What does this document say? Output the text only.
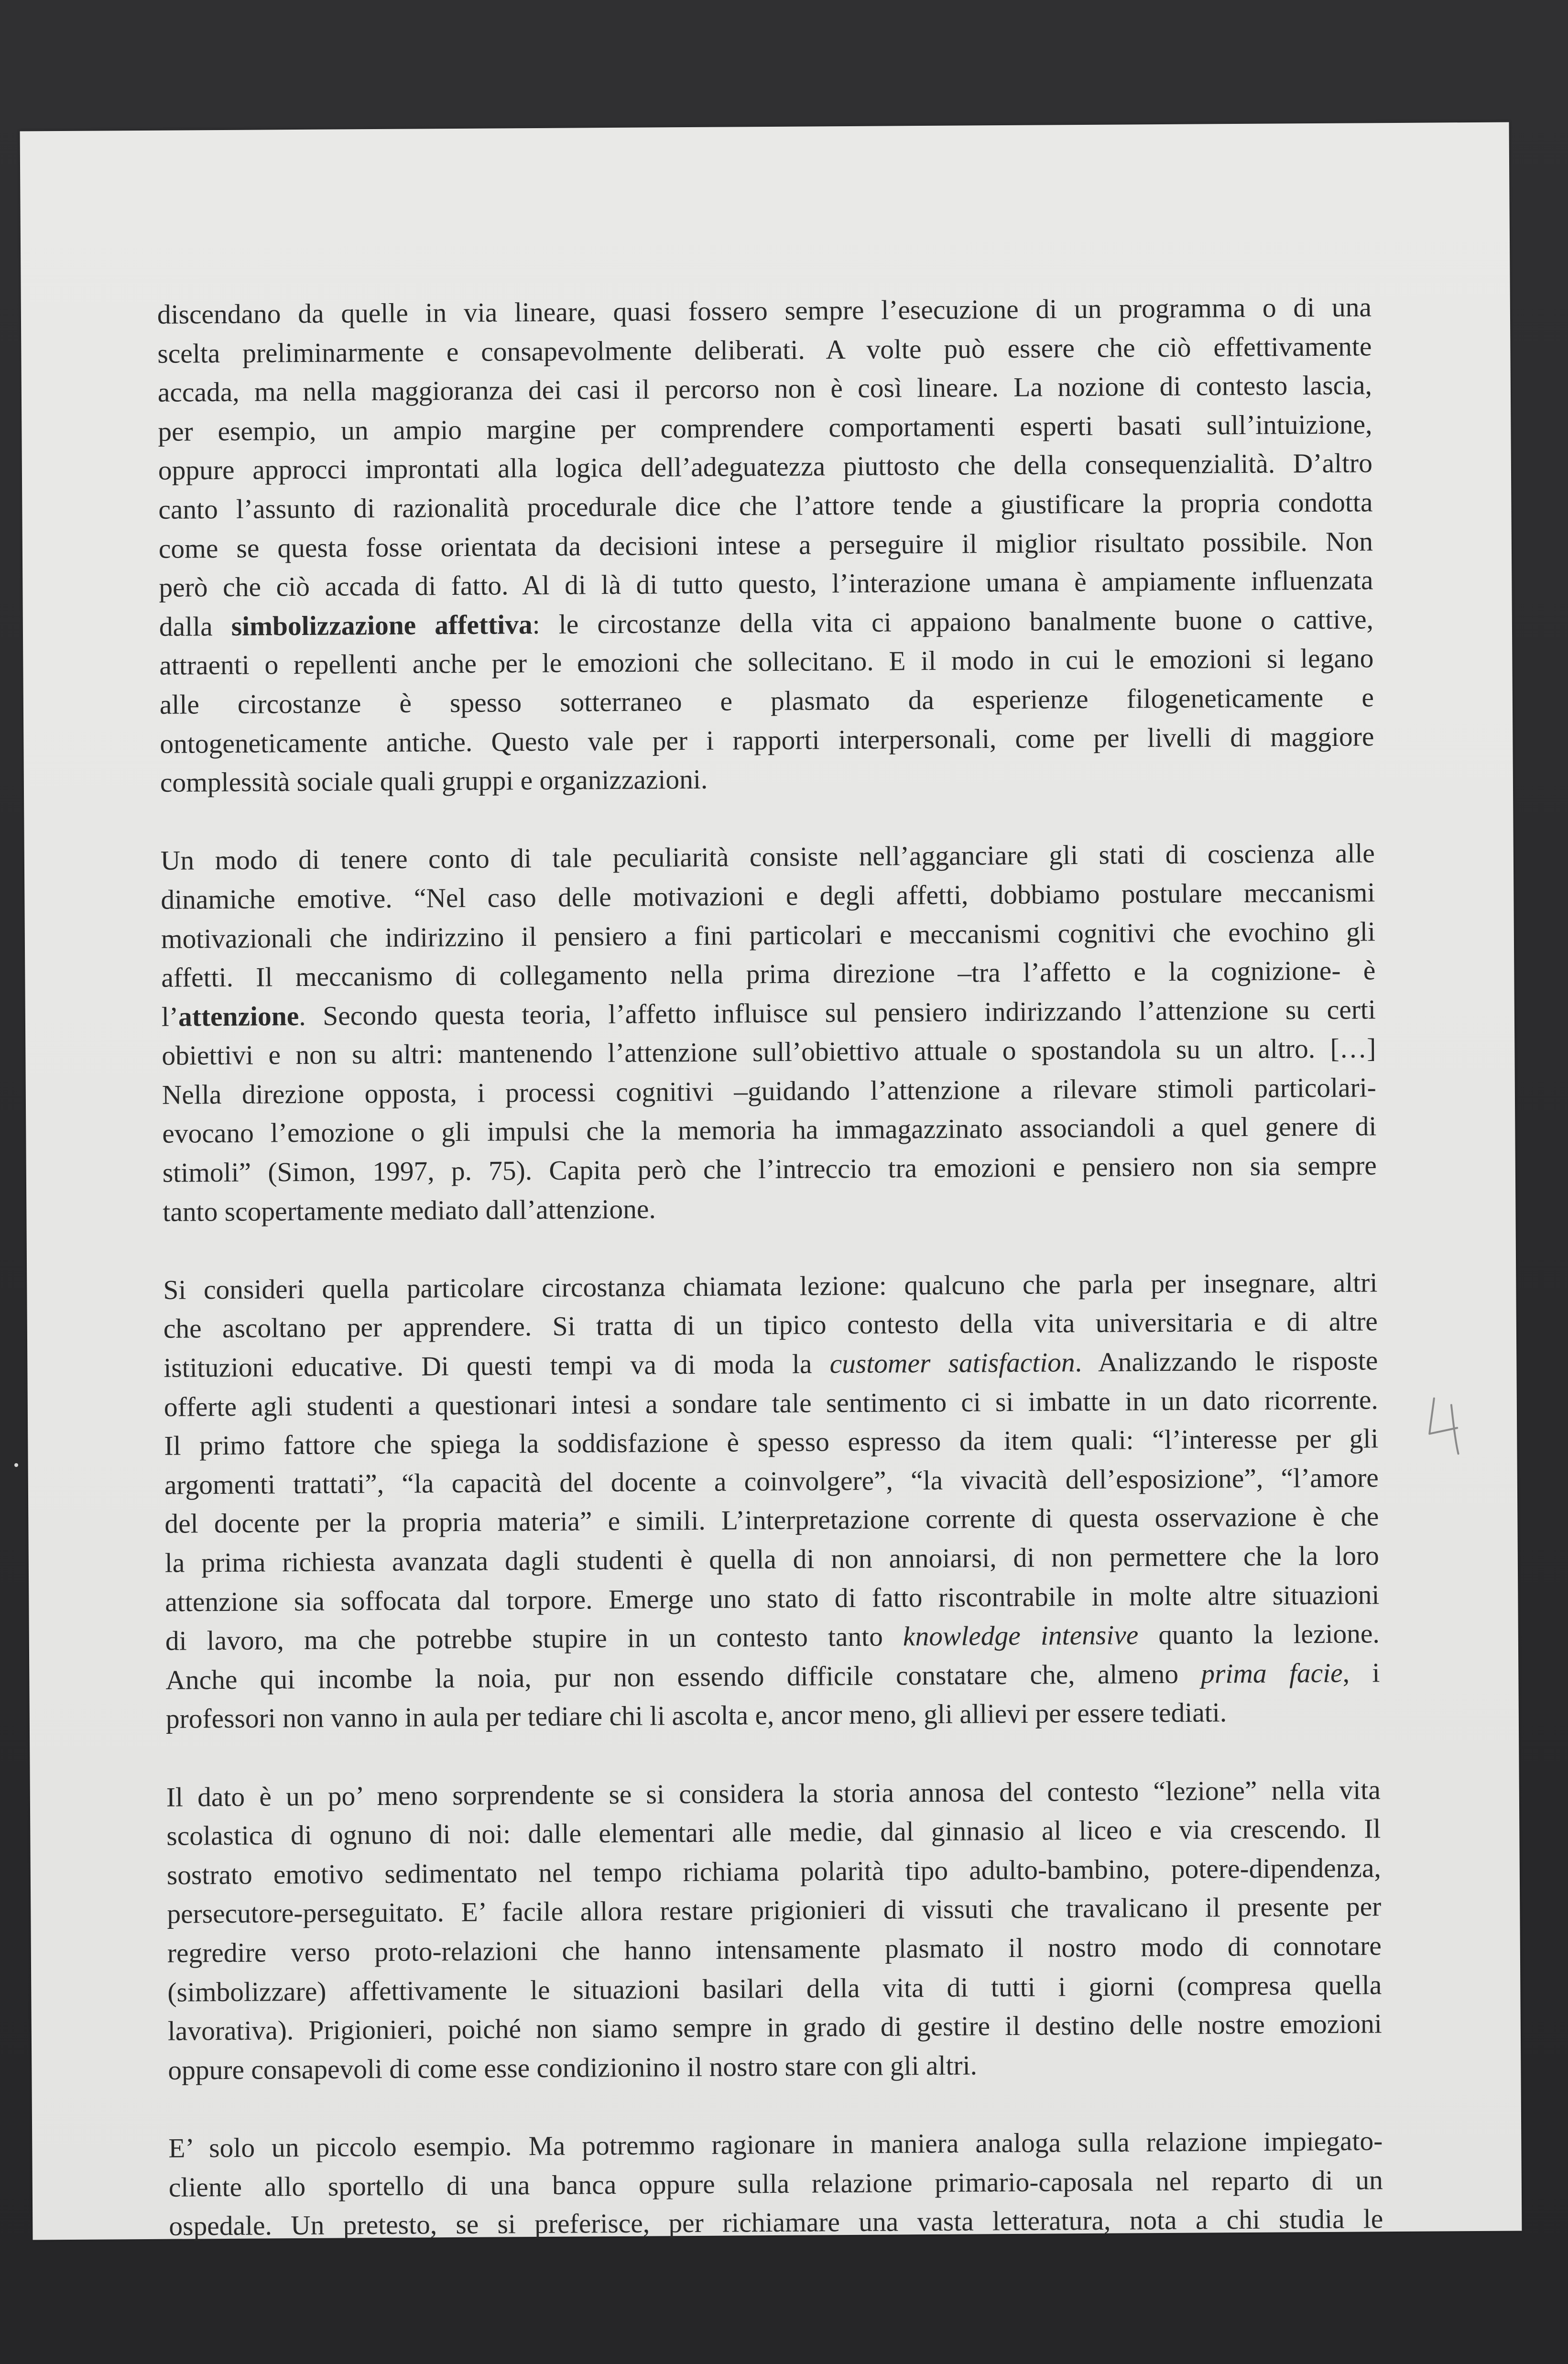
discendano da quelle in via lineare, quasi fossero sempre l’esecuzione di un programma o di una
scelta preliminarmente e consapevolmente deliberati. A volte può essere che ciò effettivamente
accada, ma nella maggioranza dei casi il percorso non è così lineare. La nozione di contesto lascia,
per esempio, un ampio margine per comprendere comportamenti esperti basati sull’intuizione,
oppure approcci improntati alla logica dell’adeguatezza piuttosto che della consequenzialità. D’altro
canto l’assunto di razionalità procedurale dice che l’attore tende a giustificare la propria condotta
come se questa fosse orientata da decisioni intese a perseguire il miglior risultato possibile. Non
però che ciò accada di fatto. Al di là di tutto questo, l’interazione umana è ampiamente influenzata
dalla simbolizzazione affettiva: le circostanze della vita ci appaiono banalmente buone o cattive,
attraenti o repellenti anche per le emozioni che sollecitano. E il modo in cui le emozioni si legano
alle circostanze è spesso sotterraneo e plasmato da esperienze filogeneticamente e
ontogeneticamente antiche. Questo vale per i rapporti interpersonali, come per livelli di maggiore
complessità sociale quali gruppi e organizzazioni.

Un modo di tenere conto di tale peculiarità consiste nell’agganciare gli stati di coscienza alle
dinamiche emotive. “Nel caso delle motivazioni e degli affetti, dobbiamo postulare meccanismi
motivazionali che indirizzino il pensiero a fini particolari e meccanismi cognitivi che evochino gli
affetti. Il meccanismo di collegamento nella prima direzione –tra l’affetto e la cognizione- è
l’attenzione. Secondo questa teoria, l’affetto influisce sul pensiero indirizzando l’attenzione su certi
obiettivi e non su altri: mantenendo l’attenzione sull’obiettivo attuale o spostandola su un altro. […]
Nella direzione opposta, i processi cognitivi –guidando l’attenzione a rilevare stimoli particolari-
evocano l’emozione o gli impulsi che la memoria ha immagazzinato associandoli a quel genere di
stimoli” (Simon, 1997, p. 75). Capita però che l’intreccio tra emozioni e pensiero non sia sempre
tanto scopertamente mediato dall’attenzione.

Si consideri quella particolare circostanza chiamata lezione: qualcuno che parla per insegnare, altri
che ascoltano per apprendere. Si tratta di un tipico contesto della vita universitaria e di altre
istituzioni educative. Di questi tempi va di moda la customer satisfaction. Analizzando le risposte
offerte agli studenti a questionari intesi a sondare tale sentimento ci si imbatte in un dato ricorrente.
Il primo fattore che spiega la soddisfazione è spesso espresso da item quali: “l’interesse per gli
argomenti trattati”, “la capacità del docente a coinvolgere”, “la vivacità dell’esposizione”, “l’amore
del docente per la propria materia” e simili. L’interpretazione corrente di questa osservazione è che
la prima richiesta avanzata dagli studenti è quella di non annoiarsi, di non permettere che la loro
attenzione sia soffocata dal torpore. Emerge uno stato di fatto riscontrabile in molte altre situazioni
di lavoro, ma che potrebbe stupire in un contesto tanto knowledge intensive quanto la lezione.
Anche qui incombe la noia, pur non essendo difficile constatare che, almeno prima facie, i
professori non vanno in aula per tediare chi li ascolta e, ancor meno, gli allievi per essere tediati.

Il dato è un po’ meno sorprendente se si considera la storia annosa del contesto “lezione” nella vita
scolastica di ognuno di noi: dalle elementari alle medie, dal ginnasio al liceo e via crescendo. Il
sostrato emotivo sedimentato nel tempo richiama polarità tipo adulto-bambino, potere-dipendenza,
persecutore-perseguitato. E’ facile allora restare prigionieri di vissuti che travalicano il presente per
regredire verso proto-relazioni che hanno intensamente plasmato il nostro modo di connotare
(simbolizzare) affettivamente le situazioni basilari della vita di tutti i giorni (compresa quella
lavorativa). Prigionieri, poiché non siamo sempre in grado di gestire il destino delle nostre emozioni
oppure consapevoli di come esse condizionino il nostro stare con gli altri.

E’ solo un piccolo esempio. Ma potremmo ragionare in maniera analoga sulla relazione impiegato-
cliente allo sportello di una banca oppure sulla relazione primario-caposala nel reparto di un
ospedale. Un pretesto, se si preferisce, per richiamare una vasta letteratura, nota a chi studia le

4
